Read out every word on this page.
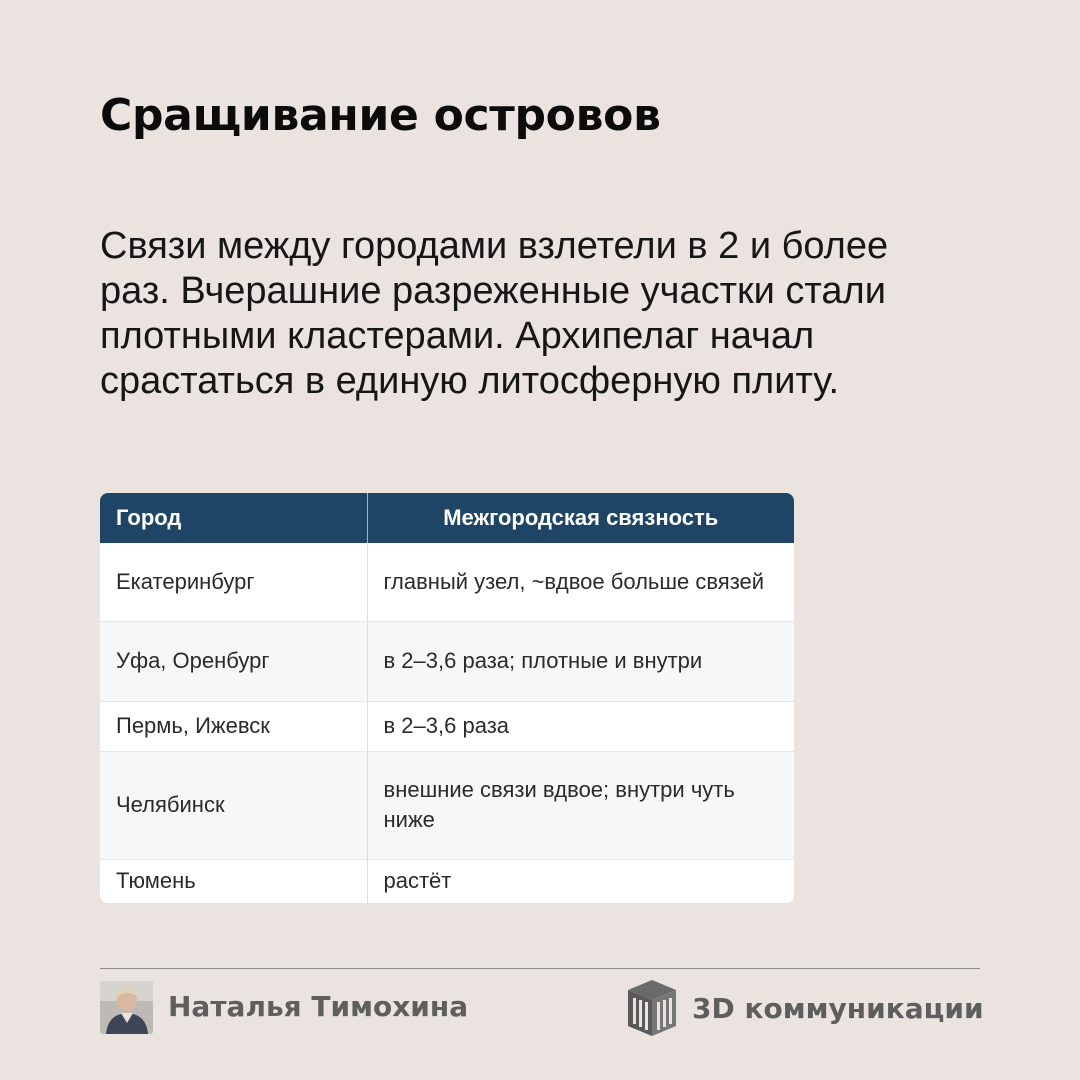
Сращивание островов

Связи между городами взлетели в 2 и более
раз. Вчерашние разреженные участки стали
плотными кластерами. Архипелаг начал
срастаться в единую литосферную плиту.

Город	Межгородская связность
Екатеринбург	главный узел, ~вдвое больше связей
Уфа, Оренбург	в 2–3,6 раза; плотные и внутри
Пермь, Ижевск	в 2–3,6 раза
Челябинск	внешние связи вдвое; внутри чуть ниже
Тюмень	растёт
Наталья Тимохина	3D коммуникации
